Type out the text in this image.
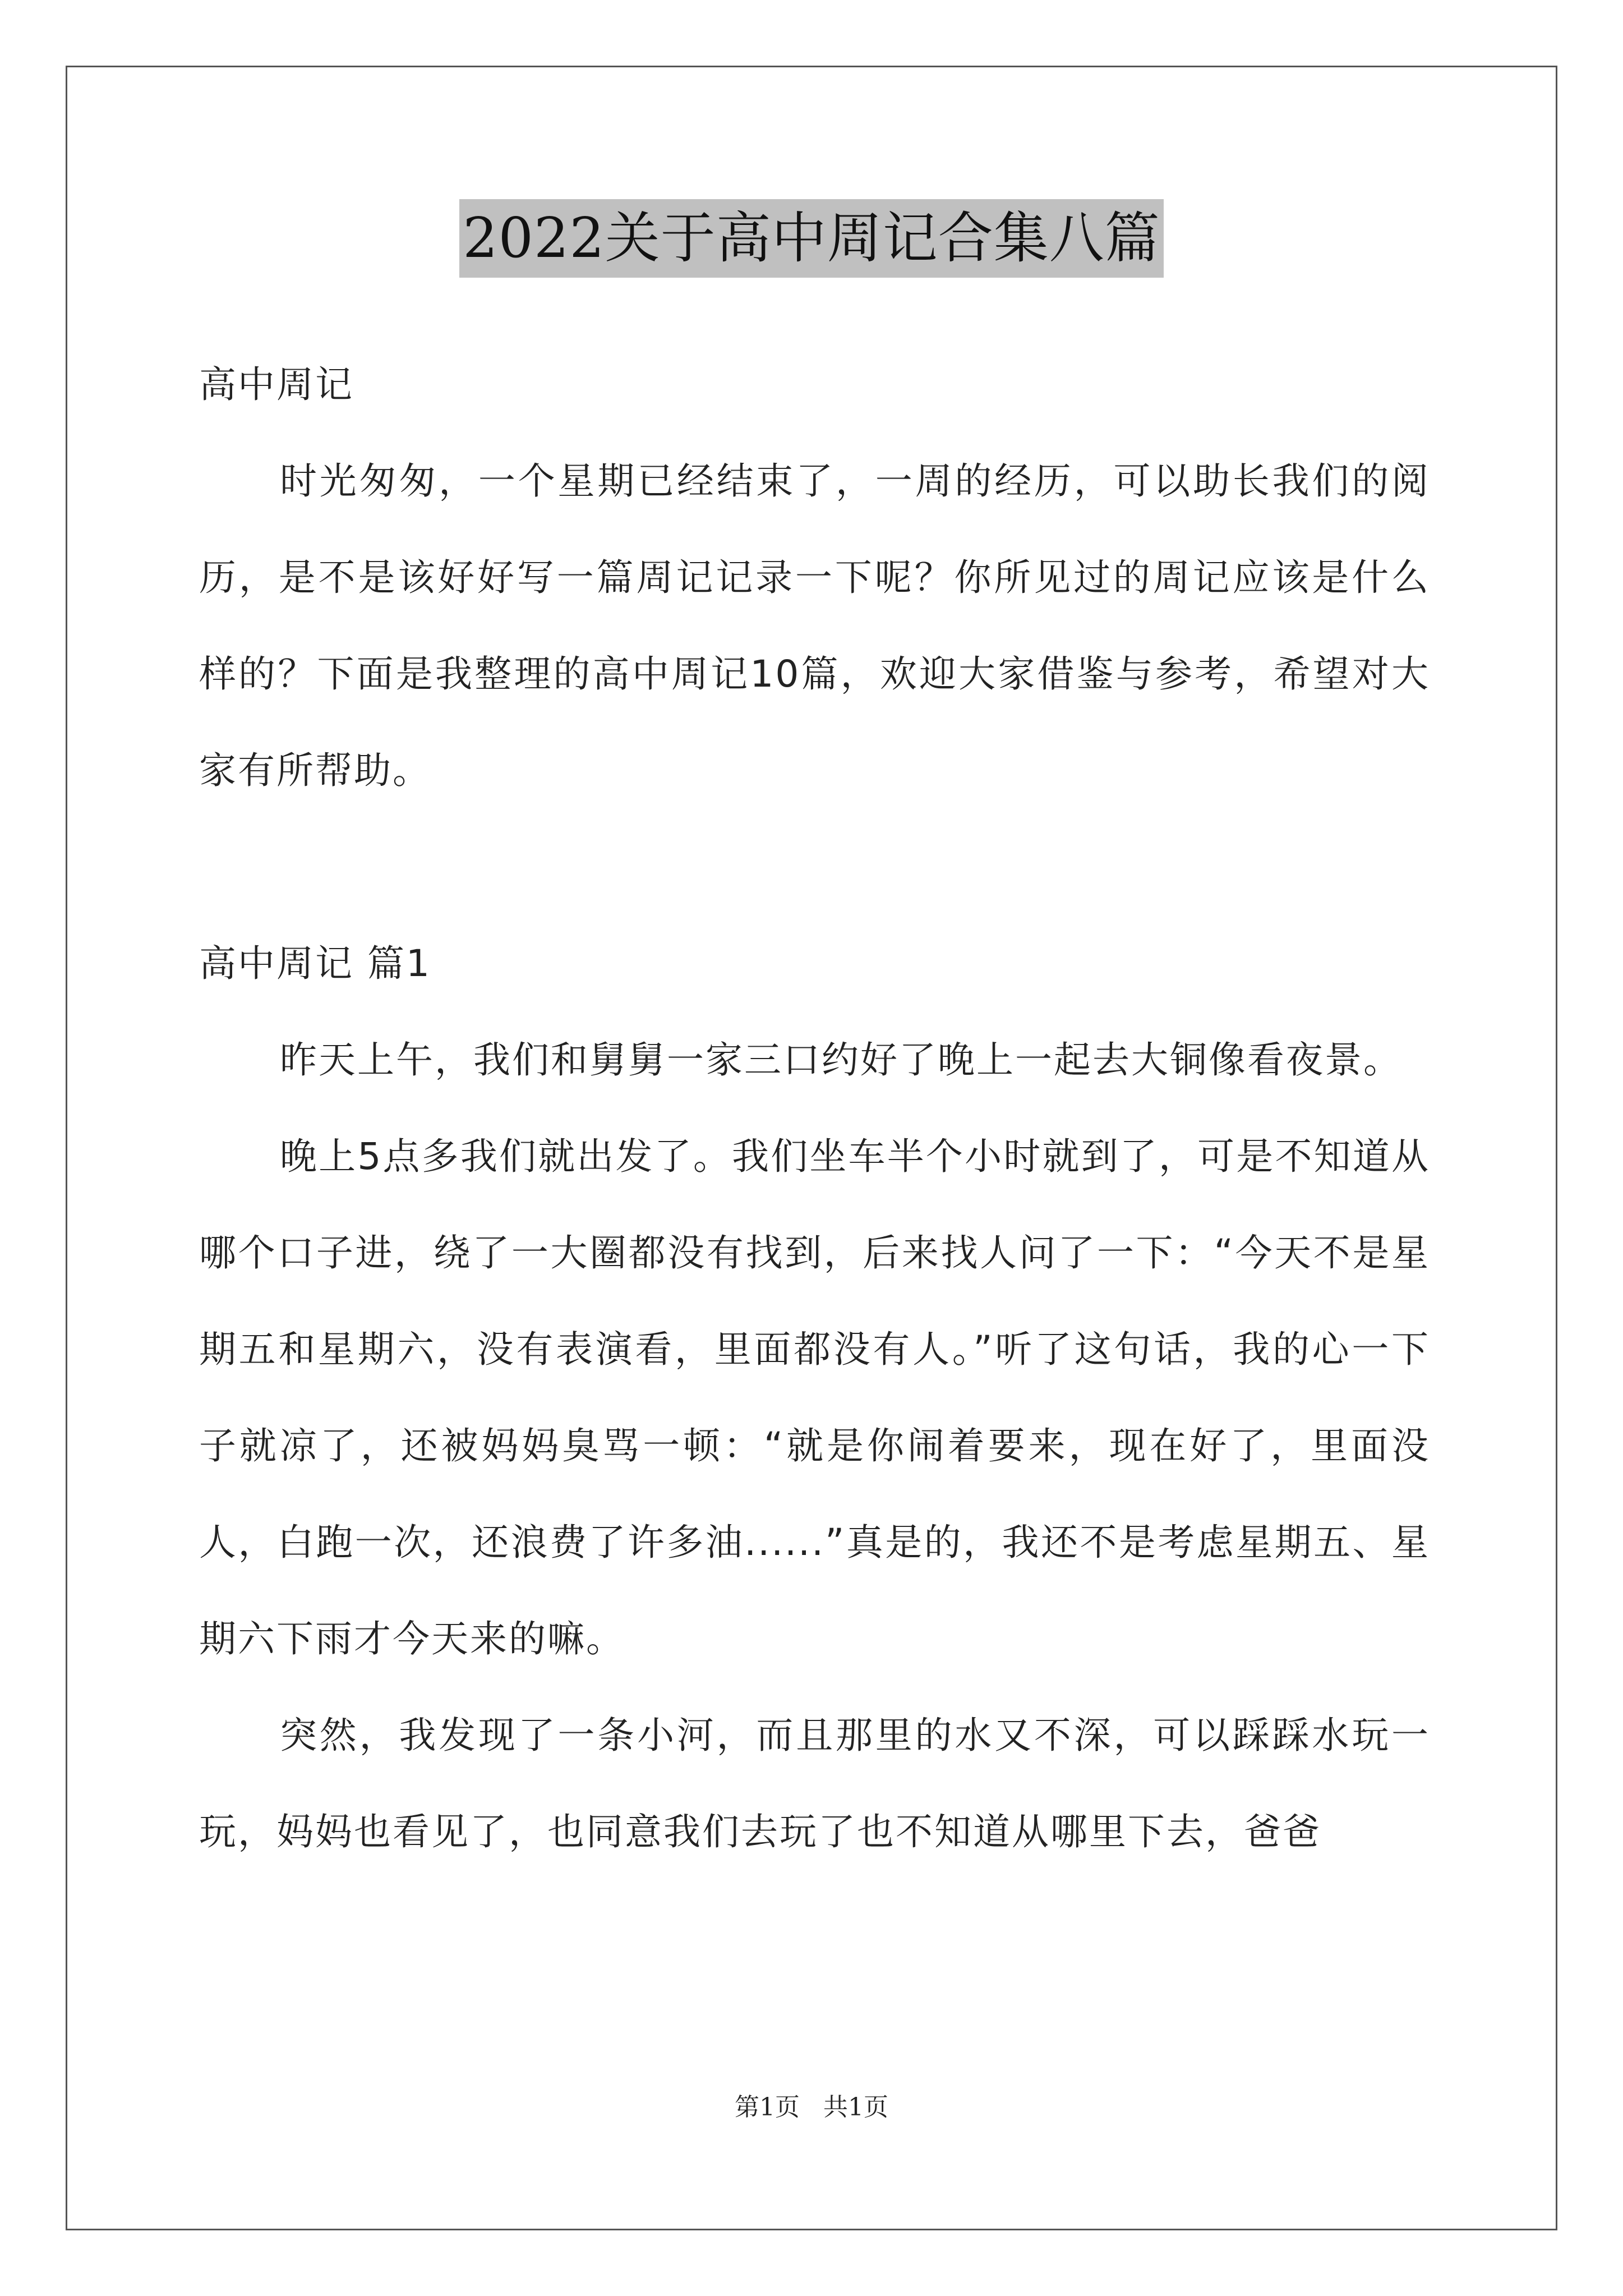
2022关于高中周记合集八篇

高中周记

时光匆匆，一个星期已经结束了，一周的经历，可以助长我们的阅历，是不是该好好写一篇周记记录一下呢？你所见过的周记应该是什么样的？下面是我整理的高中周记10篇，欢迎大家借鉴与参考，希望对大家有所帮助。

高中周记 篇1

昨天上午，我们和舅舅一家三口约好了晚上一起去大铜像看夜景。

晚上5点多我们就出发了。我们坐车半个小时就到了，可是不知道从哪个口子进，绕了一大圈都没有找到，后来找人问了一下：“今天不是星期五和星期六，没有表演看，里面都没有人。”听了这句话，我的心一下子就凉了，还被妈妈臭骂一顿：“就是你闹着要来，现在好了，里面没人，白跑一次，还浪费了许多油......”真是的，我还不是考虑星期五、星期六下雨才今天来的嘛。

突然，我发现了一条小河，而且那里的水又不深，可以踩踩水玩一玩，妈妈也看见了，也同意我们去玩了也不知道从哪里下去，爸爸

第1页 共1页
